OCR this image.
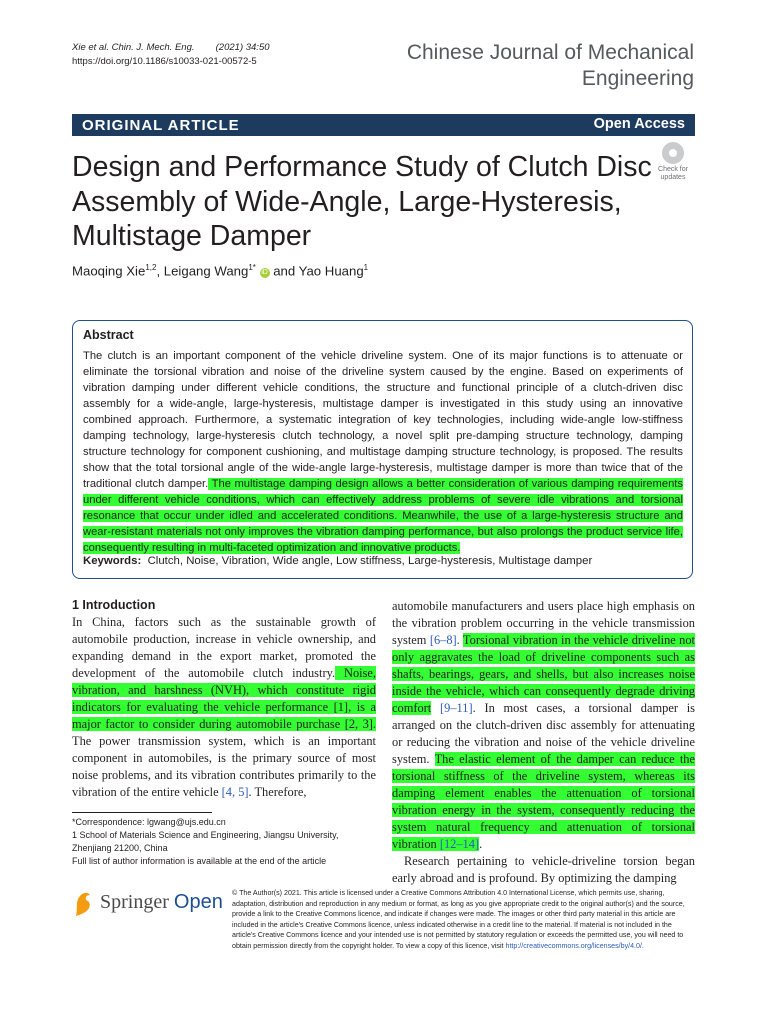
Xie et al. Chin. J. Mech. Eng. (2021) 34:50
https://doi.org/10.1186/s10033-021-00572-5	Chinese Journal of Mechanical
Engineering
ORIGINAL ARTICLE	Open Access
Design and Performance Study of Clutch Disc Assembly of Wide-Angle, Large-Hysteresis, Multistage Damper
Check for
updates
Maoqing Xie$^{1,2}$, Leigang Wang$^{1*}$ iD and Yao Huang$^1$
Abstract
The clutch is an important component of the vehicle driveline system. One of its major functions is to attenuate or eliminate the torsional vibration and noise of the driveline system caused by the engine. Based on experiments of vibration damping under different vehicle conditions, the structure and functional principle of a clutch-driven disc assembly for a wide-angle, large-hysteresis, multistage damper is investigated in this study using an innovative combined approach. Furthermore, a systematic integration of key technologies, including wide-angle low-stiffness damping technology, large-hysteresis clutch technology, a novel split pre-damping structure technology, damping structure technology for component cushioning, and multistage damping structure technology, is proposed. The results show that the total torsional angle of the wide-angle large-hysteresis, multistage damper is more than twice that of the traditional clutch damper. The multistage damping design allows a better consideration of various damping requirements under different vehicle conditions, which can effectively address problems of severe idle vibrations and torsional resonance that occur under idled and accelerated conditions. Meanwhile, the use of a large-hysteresis structure and wear-resistant materials not only improves the vibration damping performance, but also prolongs the product service life, consequently resulting in multi-faceted optimization and innovative products.
Keywords: Clutch, Noise, Vibration, Wide angle, Low stiffness, Large-hysteresis, Multistage damper
1 Introduction
In China, factors such as the sustainable growth of automobile production, increase in vehicle ownership, and expanding demand in the export market, promoted the development of the automobile clutch industry. Noise, vibration, and harshness (NVH), which constitute rigid indicators for evaluating the vehicle performance [1], is a major factor to consider during automobile purchase [2, 3]. The power transmission system, which is an important component in automobiles, is the primary source of most noise problems, and its vibration contributes primarily to the vibration of the entire vehicle [4, 5]. Therefore,
automobile manufacturers and users place high emphasis on the vibration problem occurring in the vehicle transmission system [6–8]. Torsional vibration in the vehicle driveline not only aggravates the load of driveline components such as shafts, bearings, gears, and shells, but also increases noise inside the vehicle, which can consequently degrade driving comfort [9–11]. In most cases, a torsional damper is arranged on the clutch-driven disc assembly for attenuating or reducing the vibration and noise of the vehicle driveline system. The elastic element of the damper can reduce the torsional stiffness of the driveline system, whereas its damping element enables the attenuation of torsional vibration energy in the system, consequently reducing the system natural frequency and attenuation of torsional vibration [12–14].
Research pertaining to vehicle-driveline torsion began early abroad and is profound. By optimizing the damping
*Correspondence: lgwang@ujs.edu.cn
1 School of Materials Science and Engineering, Jiangsu University, Zhenjiang 21200, China
Full list of author information is available at the end of the article
Springer Open © The Author(s) 2021. This article is licensed under a Creative Commons Attribution 4.0 International License, which permits use, sharing, adaptation, distribution and reproduction in any medium or format, as long as you give appropriate credit to the original author(s) and the source, provide a link to the Creative Commons licence, and indicate if changes were made. The images or other third party material in this article are included in the article's Creative Commons licence, unless indicated otherwise in a credit line to the material. If material is not included in the article's Creative Commons licence and your intended use is not permitted by statutory regulation or exceeds the permitted use, you will need to obtain permission directly from the copyright holder. To view a copy of this licence, visit http://creativecommons.org/licenses/by/4.0/.
